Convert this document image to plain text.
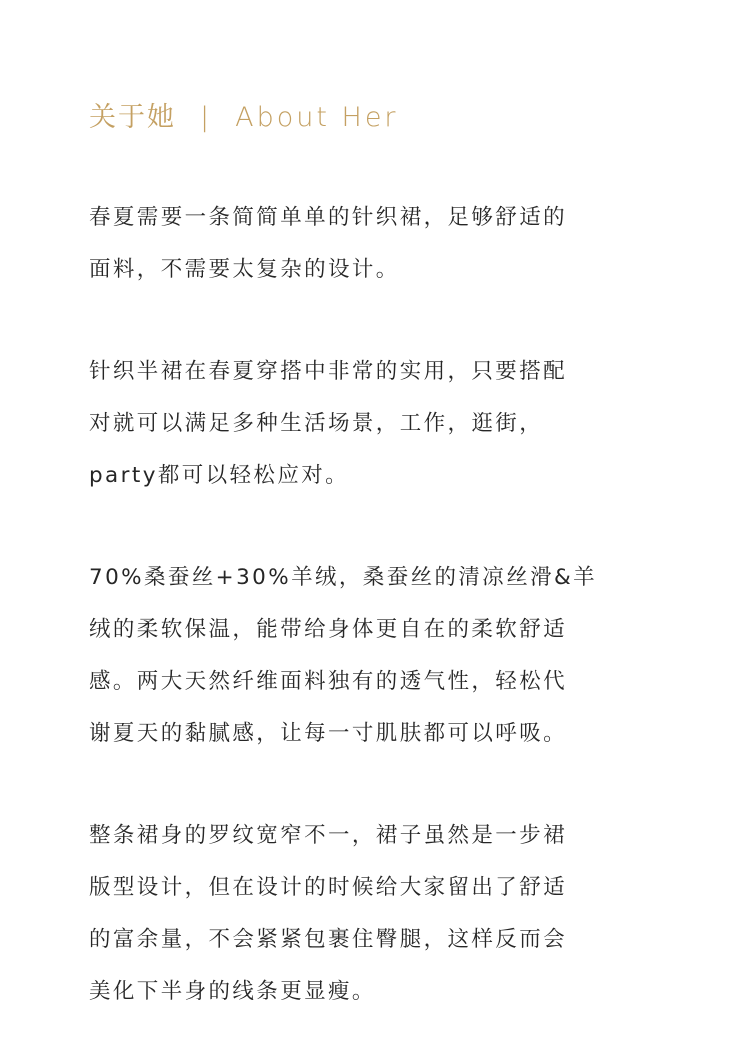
关于她 | About Her
春夏需要一条简简单单的针织裙，足够舒适的
面料，不需要太复杂的设计。
针织半裙在春夏穿搭中非常的实用，只要搭配
对就可以满足多种生活场景，工作，逛街，
party都可以轻松应对。
70%桑蚕丝+30%羊绒，桑蚕丝的清凉丝滑&羊
绒的柔软保温，能带给身体更自在的柔软舒适
感。两大天然纤维面料独有的透气性，轻松代
谢夏天的黏腻感，让每一寸肌肤都可以呼吸。
整条裙身的罗纹宽窄不一，裙子虽然是一步裙
版型设计，但在设计的时候给大家留出了舒适
的富余量，不会紧紧包裹住臀腿，这样反而会
美化下半身的线条更显瘦。
